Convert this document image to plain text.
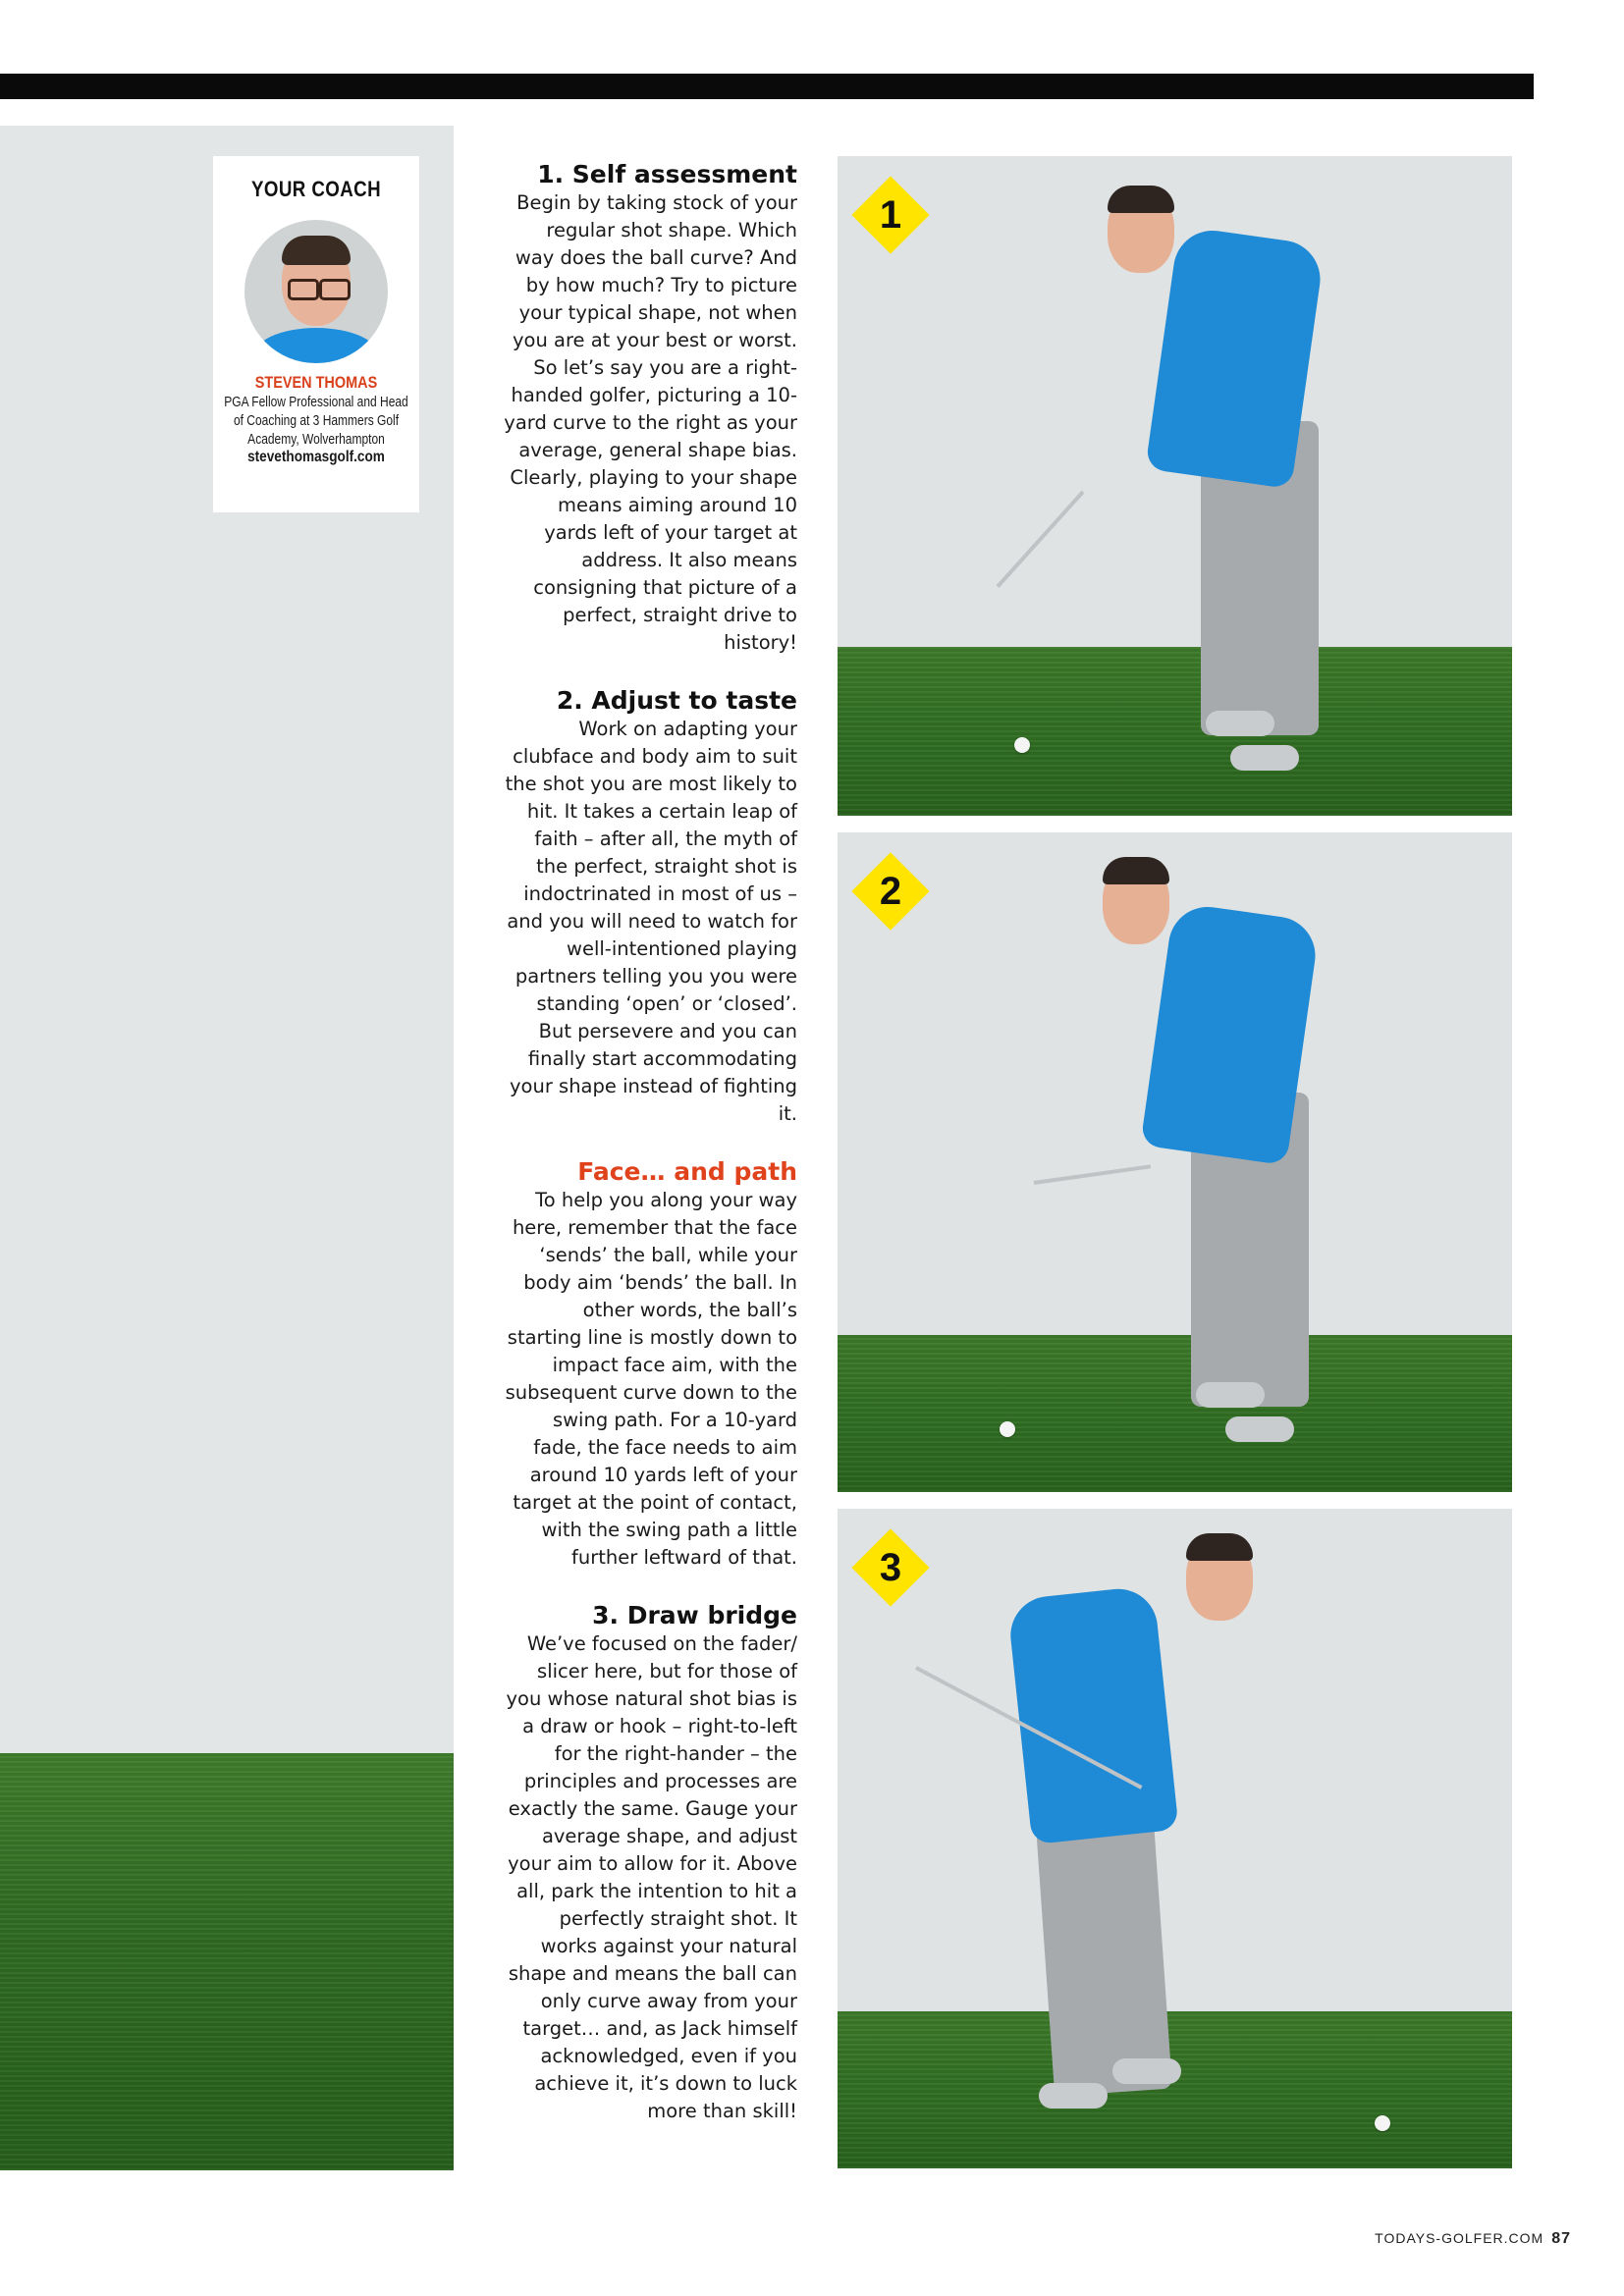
YOUR COACH
STEVEN THOMAS
PGA Fellow Professional and Head of Coaching at 3 Hammers Golf Academy, Wolverhampton
stevethomasgolf.com
1. Self assessment

Begin by taking stock of your regular shot shape. Which way does the ball curve? And by how much? Try to picture your typical shape, not when you are at your best or worst. So let’s say you are a right-handed golfer, picturing a 10-yard curve to the right as your average, general shape bias. Clearly, playing to your shape means aiming around 10 yards left of your target at address. It also means consigning that picture of a perfect, straight drive to history!

2. Adjust to taste

Work on adapting your clubface and body aim to suit the shot you are most likely to hit. It takes a certain leap of faith – after all, the myth of the perfect, straight shot is indoctrinated in most of us – and you will need to watch for well-intentioned playing partners telling you you were standing ‘open’ or ‘closed’. But persevere and you can finally start accommodating your shape instead of fighting it.

Face… and path

To help you along your way here, remember that the face ‘sends’ the ball, while your body aim ‘bends’ the ball. In other words, the ball’s starting line is mostly down to impact face aim, with the subsequent curve down to the swing path. For a 10-yard fade, the face needs to aim around 10 yards left of your target at the point of contact, with the swing path a little further leftward of that.

3. Draw bridge

We’ve focused on the fader/ slicer here, but for those of you whose natural shot bias is a draw or hook – right-to-left for the right-hander – the principles and processes are exactly the same. Gauge your average shape, and adjust your aim to allow for it. Above all, park the intention to hit a perfectly straight shot. It works against your natural shape and means the ball can only curve away from your target… and, as Jack himself acknowledged, even if you achieve it, it’s down to luck more than skill!

1
2
3
TODAYS-GOLFER.COM 87
